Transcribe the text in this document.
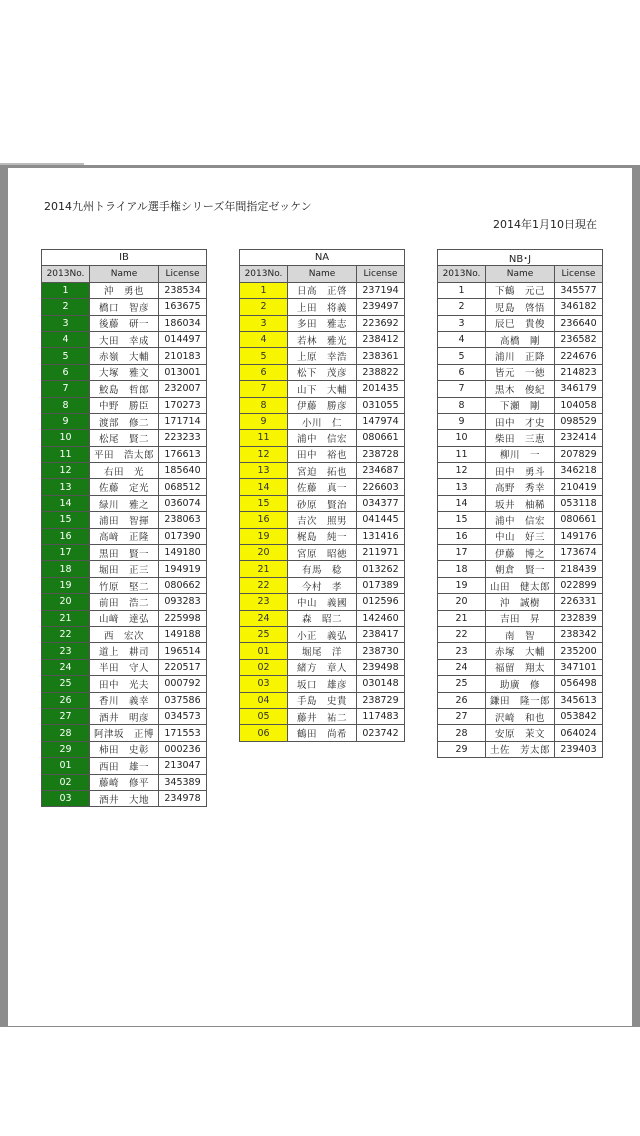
2014九州トライアル選手権シリーズ年間指定ゼッケン
2014年1月10日現在
IB		
2013No.	Name	License
1	沖　勇也	238534
2	橋口　智彦	163675
3	後藤　研一	186034
4	大田　幸成	014497
5	赤嶺　大輔	210183
6	大塚　雅文	013001
7	鮫島　哲郎	232007
8	中野　勝臣	170273
9	渡部　修二	171714
10	松尾　賢二	223233
11	平田　浩太郎	176613
12	右田　光	185640
13	佐藤　定光	068512
14	緑川　雅之	036074
15	浦田　智揮	238063
16	高﨑　正隆	017390
17	黒田　賢一	149180
18	堀田　正三	194919
19	竹原　堅二	080662
20	前田　浩二	093283
21	山﨑　達弘	225998
22	西　宏次	149188
23	道上　耕司	196514
24	半田　守人	220517
25	田中　光夫	000792
26	香川　義幸	037586
27	酒井　明彦	034573
28	阿津坂　正博	171553
29	柿田　史彰	000236
01	西田　雄一	213047
02	藤崎　修平	345389
03	酒井　大地	234978
NA		
2013No.	Name	License
1	日高　正啓	237194
2	上田　将義	239497
3	多田　雅志	223692
4	若林　雅光	238412
5	上原　幸浩	238361
6	松下　茂彦	238822
7	山下　大輔	201435
8	伊藤　勝彦	031055
9	小川　仁	147974
11	浦中　信宏	080661
12	田中　裕也	238728
13	宮迫　拓也	234687
14	佐藤　真一	226603
15	砂原　賢治	034377
16	吉次　照男	041445
19	梶島　純一	131416
20	宮原　昭徳	211971
21	有馬　稔	013262
22	今村　孝	017389
23	中山　義國	012596
24	森　昭二	142460
25	小正　義弘	238417
01	堀尾　洋	238730
02	緒方　章人	239498
03	坂口　雄彦	030148
04	手島　史貴	238729
05	藤井　祐二	117483
06	鶴田　尚希	023742
NB･J		
2013No.	Name	License
1	下鶴　元己	345577
2	児島　啓悟	346182
3	辰巳　貴俊	236640
4	高橋　剛	236582
5	浦川　正降	224676
6	皆元　一徳	214823
7	黒木　俊紀	346179
8	下瀬　剛	104058
9	田中　才史	098529
10	柴田　三恵	232414
11	柳川　一	207829
12	田中　勇斗	346218
13	高野　秀幸	210419
14	坂井　柚稀	053118
15	浦中　信宏	080661
16	中山　好三	149176
17	伊藤　博之	173674
18	朝倉　賢一	218439
19	山田　健太郎	022899
20	沖　誠樹	226331
21	吉田　昇	232839
22	南　智	238342
23	赤塚　大輔	235200
24	福留　翔太	347101
25	助廣　修	056498
26	鎌田　隆一郎	345613
27	沢崎　和也	053842
28	安原　茉文	064024
29	土佐　芳太郎	239403
